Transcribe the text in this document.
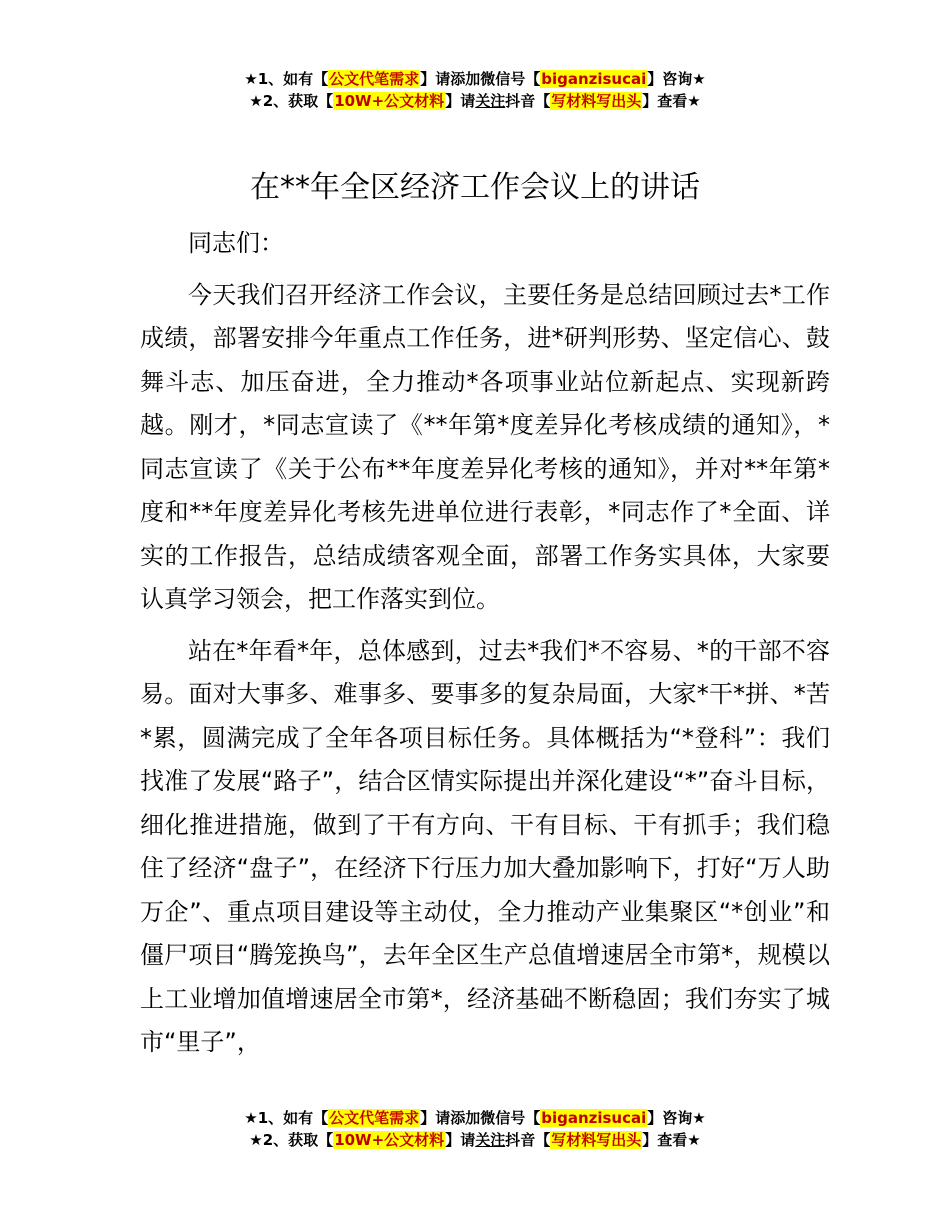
★1、如有【公文代笔需求】请添加微信号【biganzisucai】咨询★
★2、获取【10W+公文材料】请关注抖音【写材料写出头】查看★
在**年全区经济工作会议上的讲话

同志们：

今天我们召开经济工作会议，主要任务是总结回顾过去*工作成绩，部署安排今年重点工作任务，进*研判形势、坚定信心、鼓舞斗志、加压奋进，全力推动*各项事业站位新起点、实现新跨越。刚才，*同志宣读了《**年第*度差异化考核成绩的通知》，*同志宣读了《关于公布**年度差异化考核的通知》，并对**年第*度和**年度差异化考核先进单位进行表彰，*同志作了*全面、详实的工作报告，总结成绩客观全面，部署工作务实具体，大家要认真学习领会，把工作落实到位。

站在*年看*年，总体感到，过去*我们*不容易、*的干部不容易。面对大事多、难事多、要事多的复杂局面，大家*干*拼、*苦*累，圆满完成了全年各项目标任务。具体概括为“*登科”：我们找准了发展“路子”，结合区情实际提出并深化建设“*”奋斗目标，细化推进措施，做到了干有方向、干有目标、干有抓手；我们稳住了经济“盘子”，在经济下行压力加大叠加影响下，打好“万人助万企”、重点项目建设等主动仗，全力推动产业集聚区“*创业”和僵尸项目“腾笼换鸟”，去年全区生产总值增速居全市第*，规模以上工业增加值增速居全市第*，经济基础不断稳固；我们夯实了城市“里子”，

★1、如有【公文代笔需求】请添加微信号【biganzisucai】咨询★
★2、获取【10W+公文材料】请关注抖音【写材料写出头】查看★
